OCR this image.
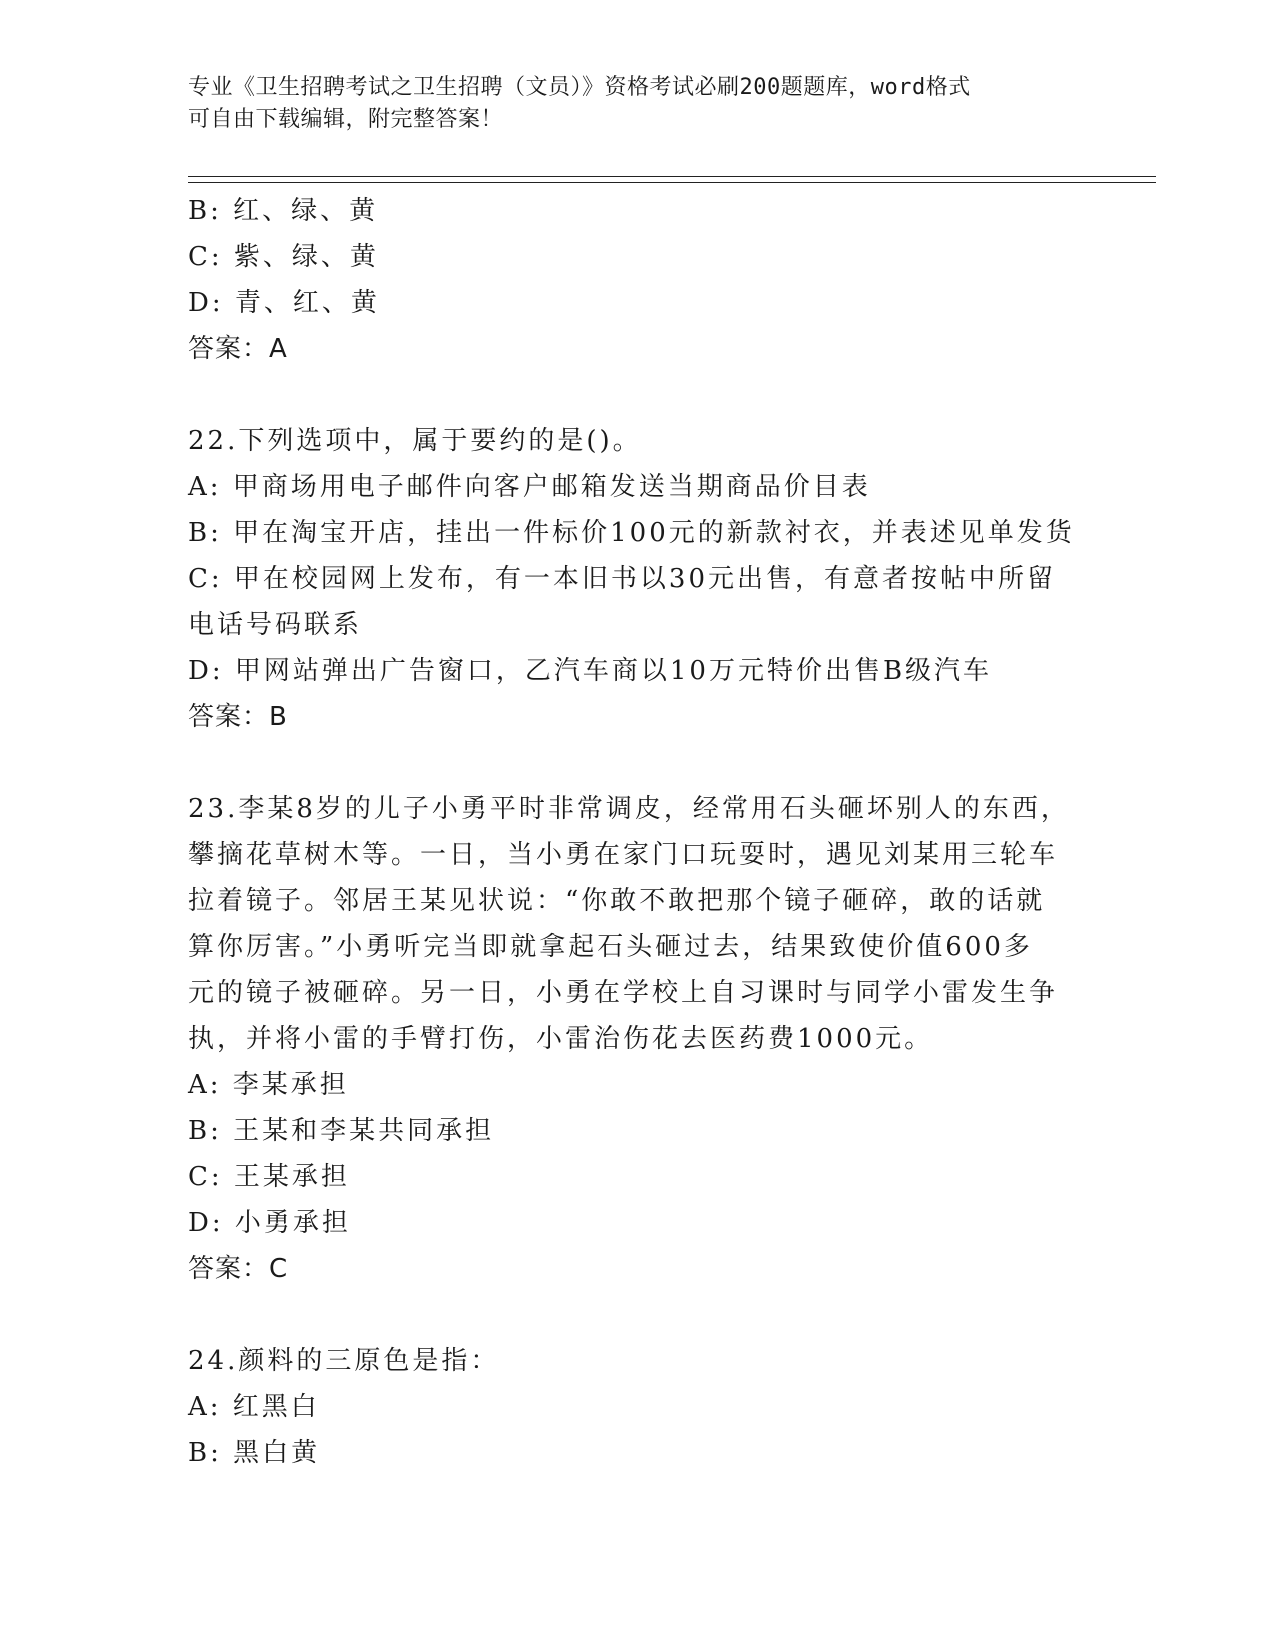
专业《卫生招聘考试之卫生招聘（文员）》资格考试必刷200题题库，word格式
可自由下载编辑，附完整答案！
B: 红、绿、黄
C: 紫、绿、黄
D: 青、红、黄
答案：A
22.下列选项中，属于要约的是()。
A: 甲商场用电子邮件向客户邮箱发送当期商品价目表
B: 甲在淘宝开店，挂出一件标价100元的新款衬衣，并表述见单发货
C: 甲在校园网上发布，有一本旧书以30元出售，有意者按帖中所留
电话号码联系
D: 甲网站弹出广告窗口，乙汽车商以10万元特价出售B级汽车
答案：B
23.李某8岁的儿子小勇平时非常调皮，经常用石头砸坏别人的东西，
攀摘花草树木等。一日，当小勇在家门口玩耍时，遇见刘某用三轮车
拉着镜子。邻居王某见状说：“你敢不敢把那个镜子砸碎，敢的话就
算你厉害。”小勇听完当即就拿起石头砸过去，结果致使价值600多
元的镜子被砸碎。另一日，小勇在学校上自习课时与同学小雷发生争
执，并将小雷的手臂打伤，小雷治伤花去医药费1000元。
A: 李某承担
B: 王某和李某共同承担
C: 王某承担
D: 小勇承担
答案：C
24.颜料的三原色是指：
A: 红黑白
B: 黑白黄
